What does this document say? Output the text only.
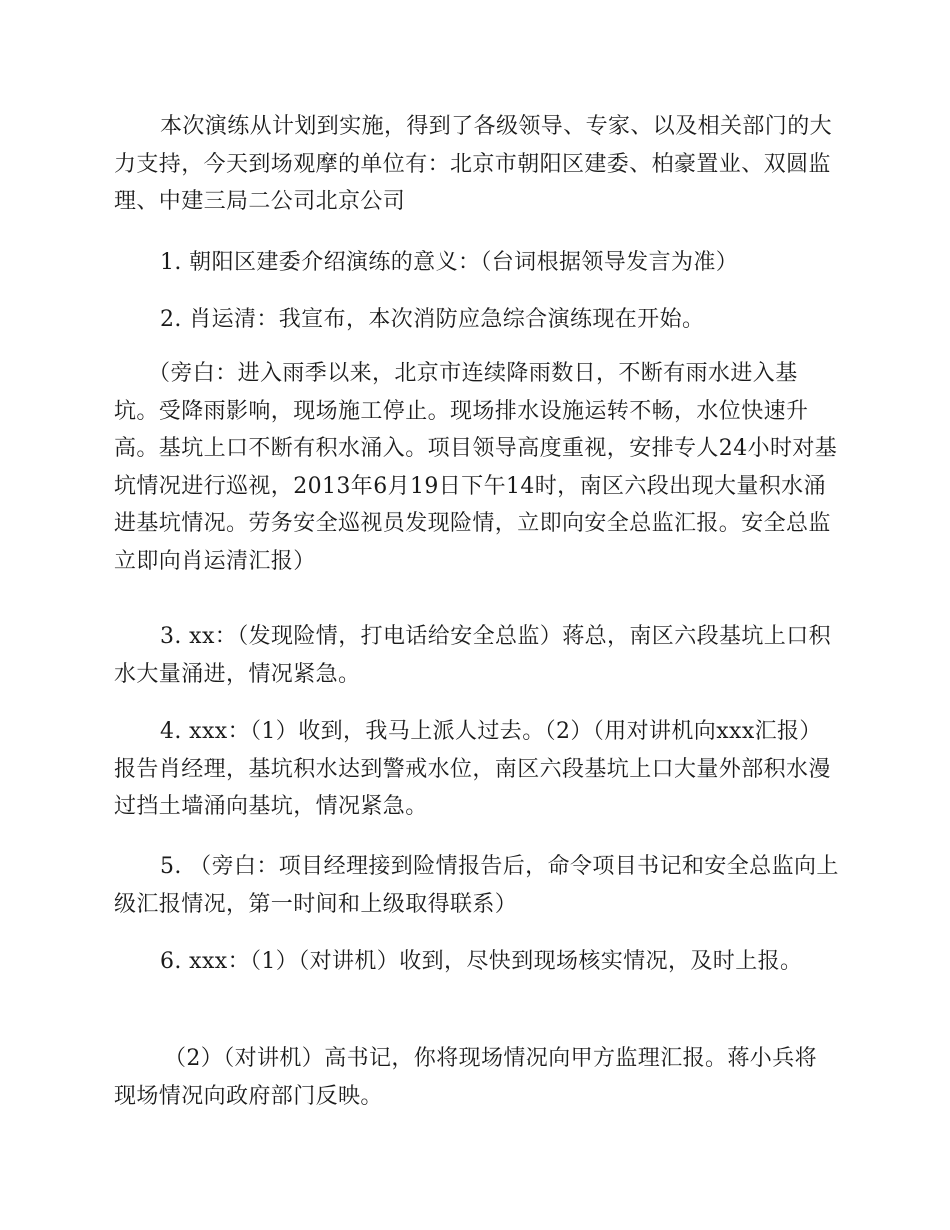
本次演练从计划到实施，得到了各级领导、专家、以及相关部门的大力支持，今天到场观摩的单位有：北京市朝阳区建委、柏豪置业、双圆监理、中建三局二公司北京公司

1. 朝阳区建委介绍演练的意义：（台词根据领导发言为准）

2. 肖运清：我宣布，本次消防应急综合演练现在开始。

（旁白：进入雨季以来，北京市连续降雨数日，不断有雨水进入基坑。受降雨影响，现场施工停止。现场排水设施运转不畅，水位快速升高。基坑上口不断有积水涌入。项目领导高度重视，安排专人24小时对基坑情况进行巡视，2013年6月19日下午14时，南区六段出现大量积水涌进基坑情况。劳务安全巡视员发现险情，立即向安全总监汇报。安全总监立即向肖运清汇报）

3. xx：（发现险情，打电话给安全总监）蒋总，南区六段基坑上口积水大量涌进，情况紧急。

4. xxx：（1）收到，我马上派人过去。（2）（用对讲机向xxx汇报）报告肖经理，基坑积水达到警戒水位，南区六段基坑上口大量外部积水漫过挡土墙涌向基坑，情况紧急。

5. （旁白：项目经理接到险情报告后，命令项目书记和安全总监向上级汇报情况，第一时间和上级取得联系）

6. xxx：（1）（对讲机）收到，尽快到现场核实情况，及时上报。

（2）（对讲机）高书记，你将现场情况向甲方监理汇报。蒋小兵将现场情况向政府部门反映。
